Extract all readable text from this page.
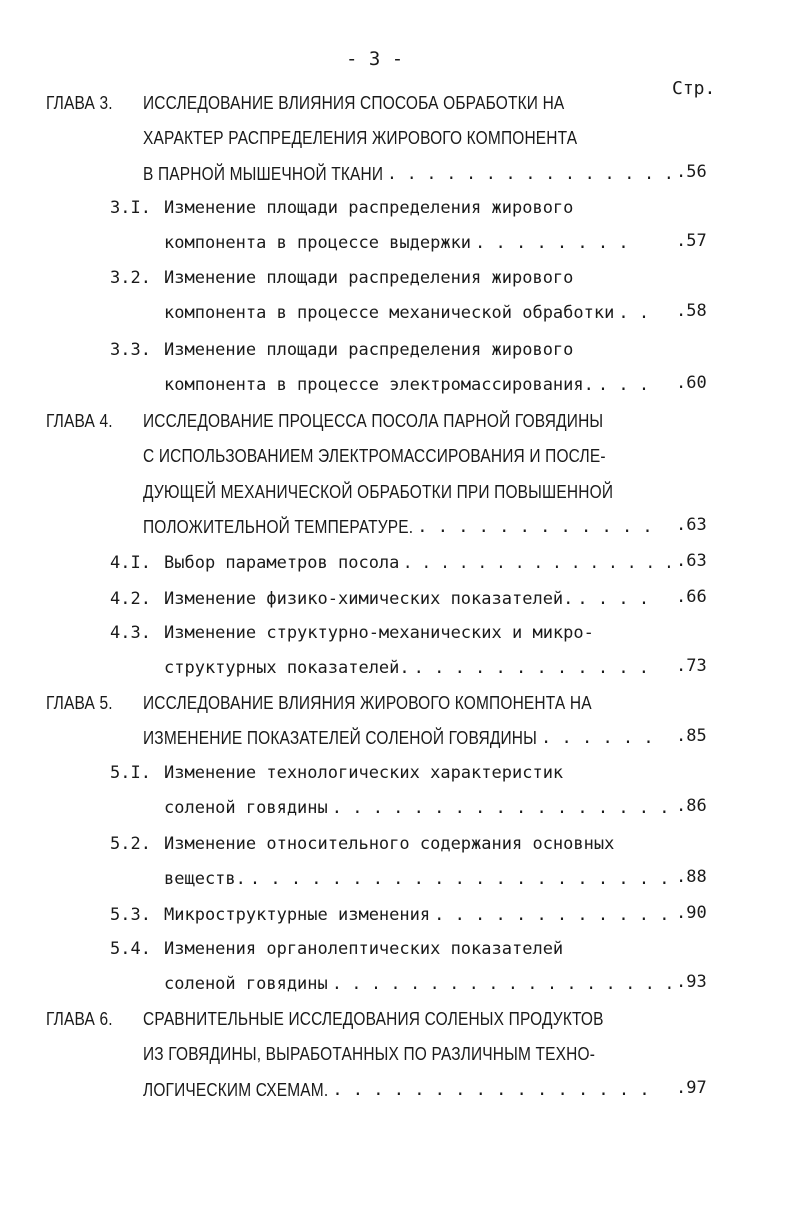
- 3 -
Стр.
ГЛАВА 3. ИССЛЕДОВАНИЕ ВЛИЯНИЯ СПОСОБА ОБРАБОТКИ НА
ХАРАКТЕР РАСПРЕДЕЛЕНИЯ ЖИРОВОГО КОМПОНЕНТА
В ПАРНОЙ МЫШЕЧНОЙ ТКАНИ . . . . . . . . . . . . . . . .56
3.I. Изменение площади распределения жирового
компонента в процессе выдержки . . . . . . . .	.57
3.2. Изменение площади распределения жирового
компонента в процессе механической обработки . . .58
3.3. Изменение площади распределения жирового
компонента в процессе электромассирования. . . . .60
ГЛАВА 4. ИССЛЕДОВАНИЕ ПРОЦЕССА ПОСОЛА ПАРНОЙ ГОВЯДИНЫ
С ИСПОЛЬЗОВАНИЕМ ЭЛЕКТРОМАССИРОВАНИЯ И ПОСЛЕ-
ДУЮЩЕЙ МЕХАНИЧЕСКОЙ ОБРАБОТКИ ПРИ ПОВЫШЕННОЙ
ПОЛОЖИТЕЛЬНОЙ ТЕМПЕРАТУРЕ. . . . . . . . . . . . . .63
4.I. Выбор параметров посола . . . . . . . . . . . . . . . .63
4.2. Изменение физико-химических показателей. . . . . .66
4.3. Изменение структурно-механических и микро-
структурных показателей. . . . . . . . . . . . . .73
ГЛАВА 5. ИССЛЕДОВАНИЕ ВЛИЯНИЯ ЖИРОВОГО КОМПОНЕНТА НА
ИЗМЕНЕНИЕ ПОКАЗАТЕЛЕЙ СОЛЕНОЙ ГОВЯДИНЫ . . . . . . .85
5.I. Изменение технологических характеристик
соленой говядины . . . . . . . . . . . . . . . . . .86
5.2. Изменение относительного содержания основных
веществ. . . . . . . . . . . . . . . . . . . . . . .88
5.3. Микроструктурные изменения . . . . . . . . . . . . .90
5.4. Изменения органолептических показателей
соленой говядины . . . . . . . . . . . . . . . . . . .93
ГЛАВА 6. СРАВНИТЕЛЬНЫЕ ИССЛЕДОВАНИЯ СОЛЕНЫХ ПРОДУКТОВ
ИЗ ГОВЯДИНЫ, ВЫРАБОТАННЫХ ПО РАЗЛИЧНЫМ ТЕХНО-
ЛОГИЧЕСКИМ СХЕМАМ. . . . . . . . . . . . . . . . . .97
